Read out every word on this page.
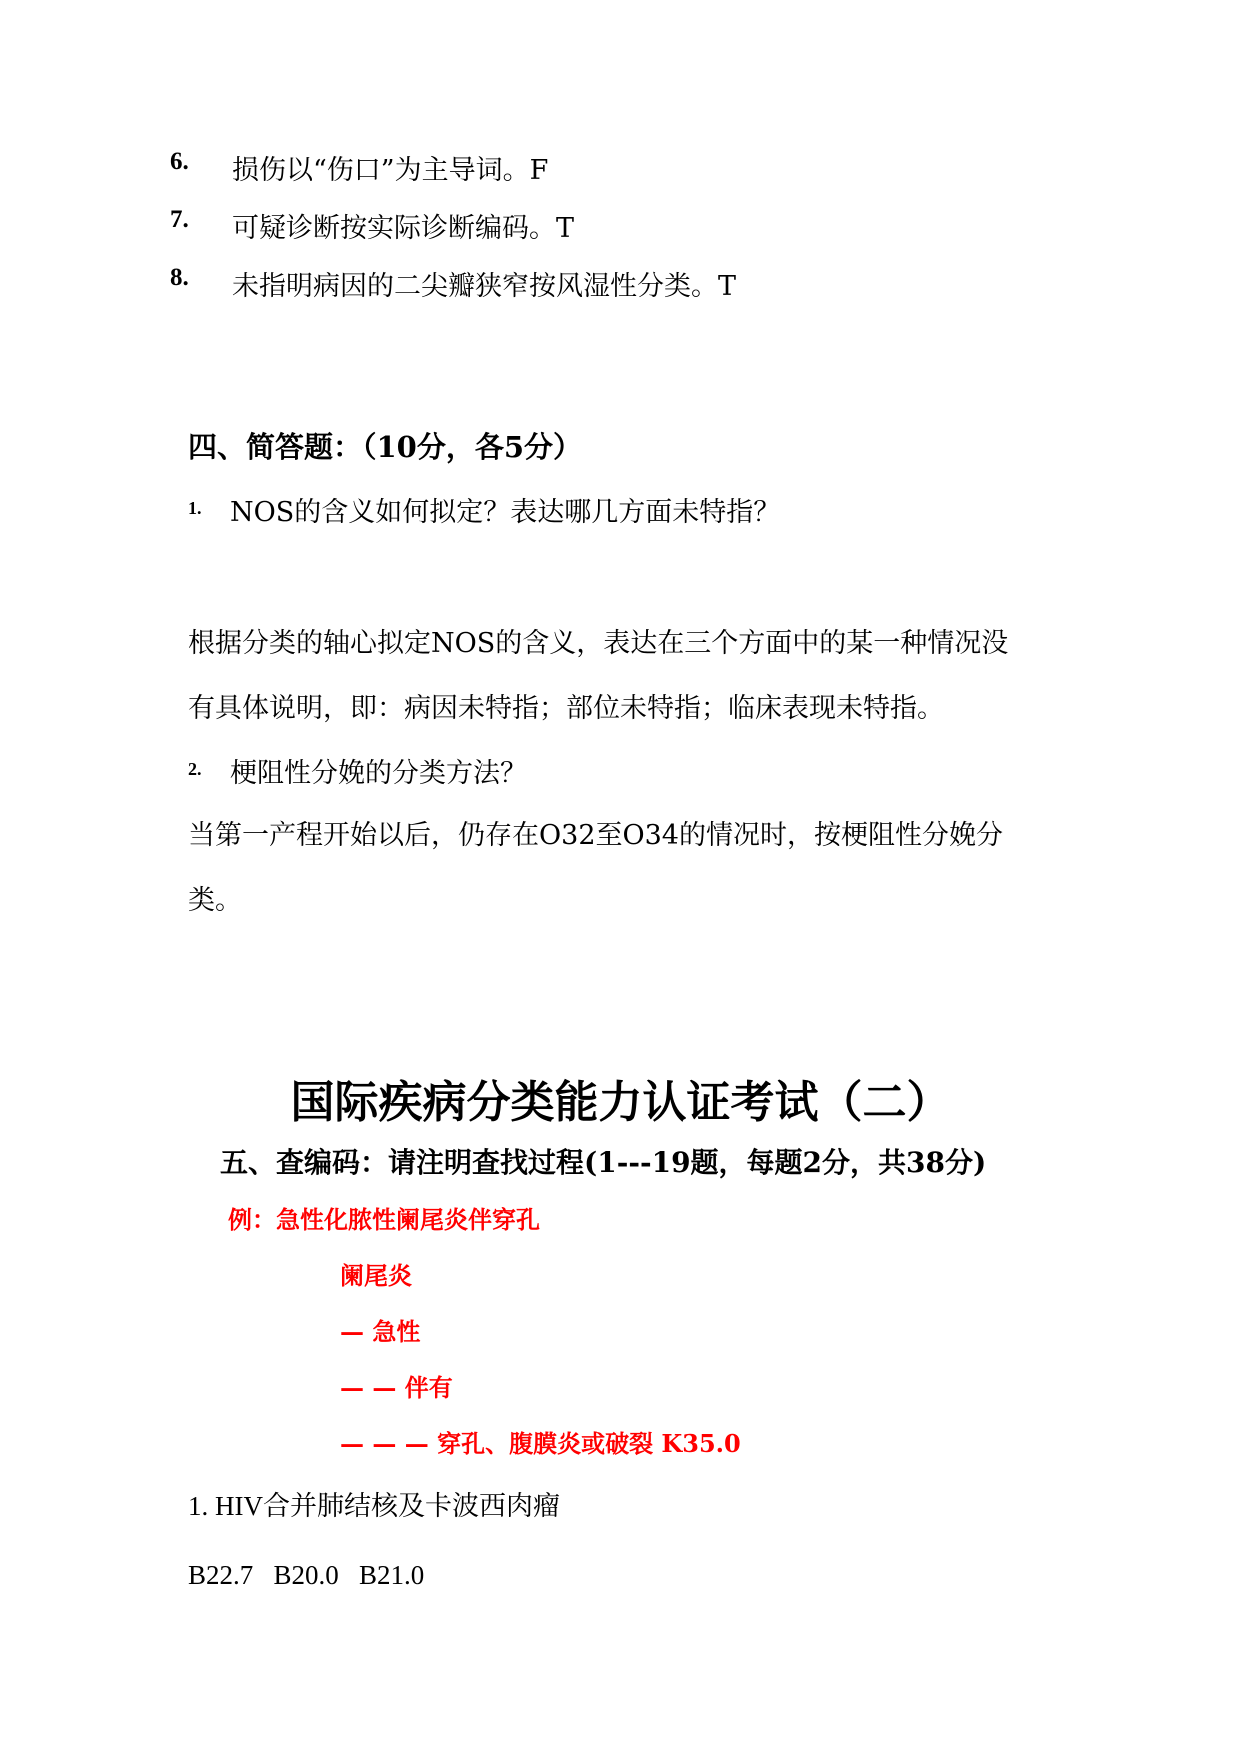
6. 损伤以“伤口”为主导词。F
7. 可疑诊断按实际诊断编码。T
8. 未指明病因的二尖瓣狭窄按风湿性分类。T
四、简答题：（10分，各5分）
1. NOS的含义如何拟定？表达哪几方面未特指？
根据分类的轴心拟定NOS的含义，表达在三个方面中的某一种情况没
有具体说明，即：病因未特指；部位未特指；临床表现未特指。
2. 梗阻性分娩的分类方法？
当第一产程开始以后，仍存在O32至O34的情况时，按梗阻性分娩分
类。
国际疾病分类能力认证考试（二）
五、查编码：请注明查找过程(1---19题，每题2分，共38分)
例：急性化脓性阑尾炎伴穿孔
阑尾炎
— 急性
— — 伴有
— — — 穿孔、腹膜炎或破裂 K35.0
1. HIV合并肺结核及卡波西肉瘤
B22.7   B20.0   B21.0
